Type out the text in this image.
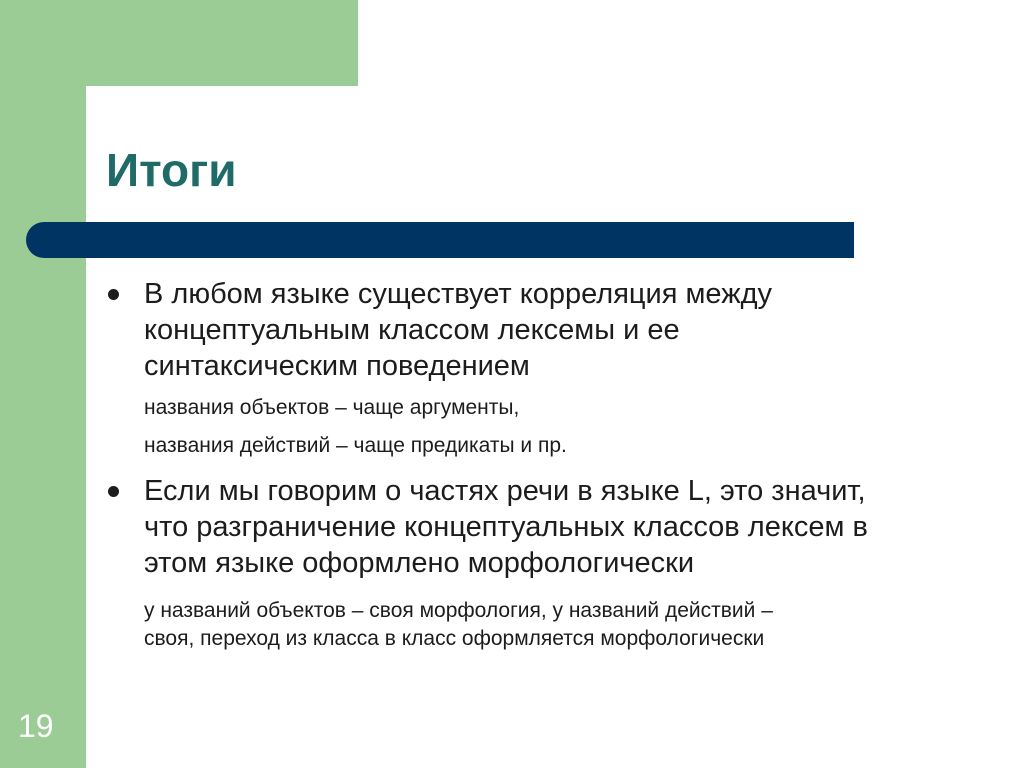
Итоги
В любом языке существует корреляция между
концептуальным классом лексемы и ее
синтаксическим поведением
названия объектов – чаще аргументы,
названия действий – чаще предикаты и пр.
Если мы говорим о частях речи в языке L, это значит,
что разграничение концептуальных классов лексем в
этом языке оформлено морфологически
у названий объектов – своя морфология, у названий действий –
своя, переход из класса в класс оформляется морфологически
19
